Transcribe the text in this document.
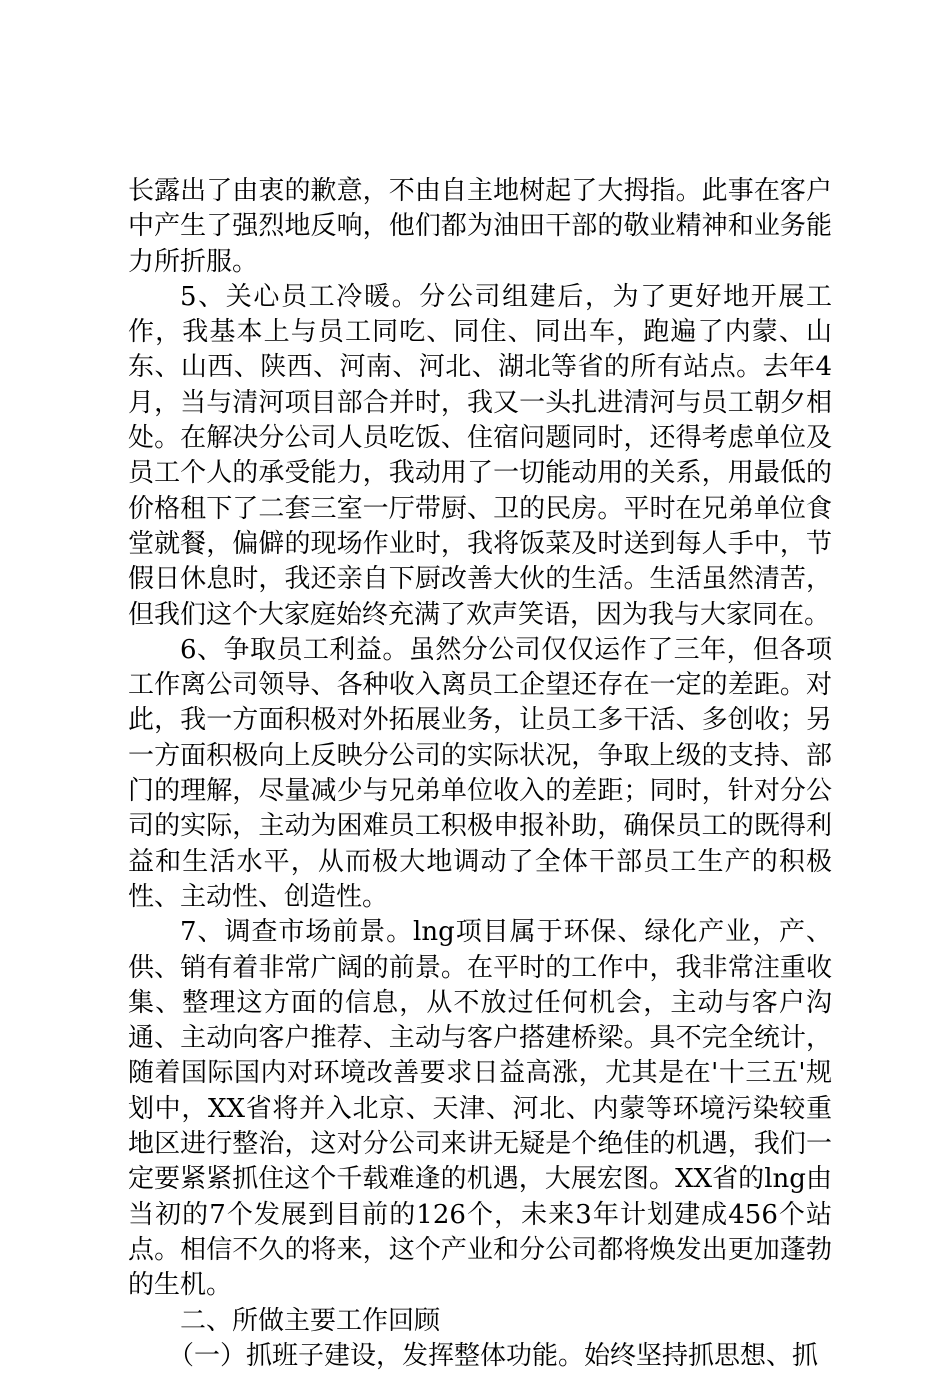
长露出了由衷的歉意，不由自主地树起了大拇指。此事在客户中产生了强烈地反响，他们都为油田干部的敬业精神和业务能力所折服。

5、关心员工冷暖。分公司组建后，为了更好地开展工作，我基本上与员工同吃、同住、同出车，跑遍了内蒙、山东、山西、陕西、河南、河北、湖北等省的所有站点。去年4月，当与清河项目部合并时，我又一头扎进清河与员工朝夕相处。在解决分公司人员吃饭、住宿问题同时，还得考虑单位及员工个人的承受能力，我动用了一切能动用的关系，用最低的价格租下了二套三室一厅带厨、卫的民房。平时在兄弟单位食堂就餐，偏僻的现场作业时，我将饭菜及时送到每人手中，节假日休息时，我还亲自下厨改善大伙的生活。生活虽然清苦，但我们这个大家庭始终充满了欢声笑语，因为我与大家同在。

6、争取员工利益。虽然分公司仅仅运作了三年，但各项工作离公司领导、各种收入离员工企望还存在一定的差距。对此，我一方面积极对外拓展业务，让员工多干活、多创收；另一方面积极向上反映分公司的实际状况，争取上级的支持、部门的理解，尽量减少与兄弟单位收入的差距；同时，针对分公司的实际，主动为困难员工积极申报补助，确保员工的既得利益和生活水平，从而极大地调动了全体干部员工生产的积极性、主动性、创造性。

7、调查市场前景。lng项目属于环保、绿化产业，产、供、销有着非常广阔的前景。在平时的工作中，我非常注重收集、整理这方面的信息，从不放过任何机会，主动与客户沟通、主动向客户推荐、主动与客户搭建桥梁。具不完全统计，随着国际国内对环境改善要求日益高涨，尤其是在'十三五'规划中，XX省将并入北京、天津、河北、内蒙等环境污染较重地区进行整治，这对分公司来讲无疑是个绝佳的机遇，我们一定要紧紧抓住这个千载难逢的机遇，大展宏图。XX省的lng由当初的7个发展到目前的126个，未来3年计划建成456个站点。相信不久的将来，这个产业和分公司都将焕发出更加蓬勃的生机。

二、所做主要工作回顾

（一）抓班子建设，发挥整体功能。始终坚持抓思想、抓
